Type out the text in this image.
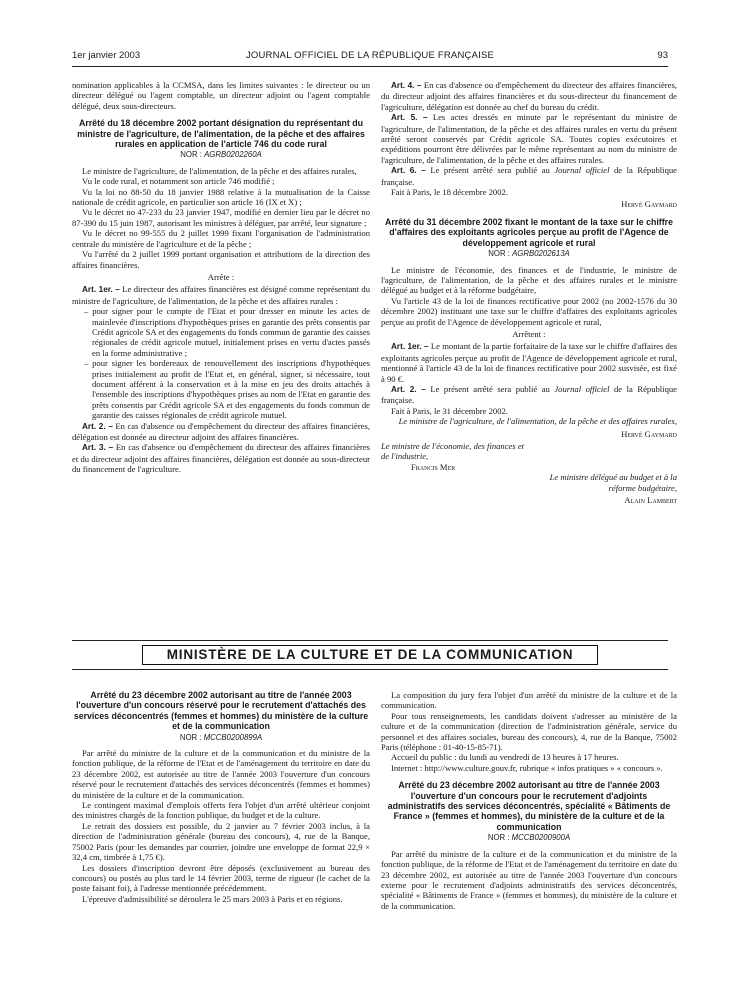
1er janvier 2003	JOURNAL OFFICIEL DE LA RÉPUBLIQUE FRANÇAISE	93

nomination applicables à la CCMSA, dans les limites suivantes : le directeur ou un directeur délégué ou l'agent comptable, un directeur adjoint ou l'agent comptable délégué, deux sous-directeurs.

Arrêté du 18 décembre 2002 portant désignation du représentant du ministre de l'agriculture, de l'alimentation, de la pêche et des affaires rurales en application de l'article 746 du code rural
NOR : AGRB0202260A

Le ministre de l'agriculture, de l'alimentation, de la pêche et des affaires rurales,

Vu le code rural, et notamment son article 746 modifié ;

Vu la loi no 88-50 du 18 janvier 1988 relative à la mutualisation de la Caisse nationale de crédit agricole, en particulier son article 16 (IX et X) ;

Vu le décret no 47-233 du 23 janvier 1947, modifié en dernier lieu par le décret no 87-390 du 15 juin 1987, autorisant les ministres à déléguer, par arrêté, leur signature ;

Vu le décret no 99-555 du 2 juillet 1999 fixant l'organisation de l'administration centrale du ministère de l'agriculture et de la pêche ;

Vu l'arrêté du 2 juillet 1999 portant organisation et attributions de la direction des affaires financières.

Arrête :

Art. 1er. – Le directeur des affaires financières est désigné comme représentant du ministre de l'agriculture, de l'alimentation, de la pêche et des affaires rurales :

– pour signer pour le compte de l'Etat et pour dresser en minute les actes de mainlevée d'inscriptions d'hypothèques prises en garantie des prêts consentis par Crédit agricole SA et des engagements du fonds commun de garantie des caisses régionales de crédit agricole mutuel, initialement prises en vertu d'actes passés en la forme administrative ;

– pour signer les bordereaux de renouvellement des inscriptions d'hypothèques prises initialement au profit de l'Etat et, en général, signer, si nécessaire, tout document afférent à la conservation et à la mise en jeu des droits attachés à l'ensemble des inscriptions d'hypothèques prises au nom de l'Etat en garantie des prêts consentis par Crédit agricole SA et des engagements du fonds commun de garantie des caisses régionales de crédit agricole mutuel.

Art. 2. – En cas d'absence ou d'empêchement du directeur des affaires financières, délégation est donnée au directeur adjoint des affaires financières.

Art. 3. – En cas d'absence ou d'empêchement du directeur des affaires financières et du directeur adjoint des affaires financières, délégation est donnée au sous-directeur du financement de l'agriculture.

Art. 4. – En cas d'absence ou d'empêchement du directeur des affaires financières, du directeur adjoint des affaires financières et du sous-directeur du financement de l'agriculture, délégation est donnée au chef du bureau du crédit.

Art. 5. – Les actes dressés en minute par le représentant du ministre de l'agriculture, de l'alimentation, de la pêche et des affaires rurales en vertu du présent arrêté seront conservés par Crédit agricole SA. Toutes copies exécutoires et expéditions pourront être délivrées par le même représentant au nom du ministre de l'agriculture, de l'alimentation, de la pêche et des affaires rurales.

Art. 6. – Le présent arrêté sera publié au Journal officiel de la République française.

Fait à Paris, le 18 décembre 2002.

Hervé Gaymard
Arrêté du 31 décembre 2002 fixant le montant de la taxe sur le chiffre d'affaires des exploitants agricoles perçue au profit de l'Agence de développement agricole et rural
NOR : AGRB0202613A

Le ministre de l'économie, des finances et de l'industrie, le ministre de l'agriculture, de l'alimentation, de la pêche et des affaires rurales et le ministre délégué au budget et à la réforme budgétaire,

Vu l'article 43 de la loi de finances rectificative pour 2002 (no 2002-1576 du 30 décembre 2002) instituant une taxe sur le chiffre d'affaires des exploitants agricoles perçue au profit de l'Agence de développement agricole et rural,

Arrêtent :

Art. 1er. – Le montant de la partie forfaitaire de la taxe sur le chiffre d'affaires des exploitants agricoles perçue au profit de l'Agence de développement agricole et rural, mentionné à l'article 43 de la loi de finances rectificative pour 2002 susvisée, est fixé à 90 €.

Art. 2. – Le présent arrêté sera publié au Journal officiel de la République française.

Fait à Paris, le 31 décembre 2002.

Le ministre de l'agriculture, de l'alimentation, de la pêche et des affaires rurales,
Hervé Gaymard
Le ministre de l'économie, des finances et de l'industrie,
Francis Mer
Le ministre délégué au budget et à la réforme budgétaire,
Alain Lambert
MINISTÈRE DE LA CULTURE ET DE LA COMMUNICATION
Arrêté du 23 décembre 2002 autorisant au titre de l'année 2003 l'ouverture d'un concours réservé pour le recrutement d'attachés des services déconcentrés (femmes et hommes) du ministère de la culture et de la communication
NOR : MCCB0200899A

Par arrêté du ministre de la culture et de la communication et du ministre de la fonction publique, de la réforme de l'Etat et de l'aménagement du territoire en date du 23 décembre 2002, est autorisée au titre de l'année 2003 l'ouverture d'un concours réservé pour le recrutement d'attachés des services déconcentrés (femmes et hommes) du ministère de la culture et de la communication.

Le contingent maximal d'emplois offerts fera l'objet d'un arrêté ultérieur conjoint des ministres chargés de la fonction publique, du budget et de la culture.

Le retrait des dossiers est possible, du 2 janvier au 7 février 2003 inclus, à la direction de l'administration générale (bureau des concours), 4, rue de la Banque, 75002 Paris (pour les demandes par courrier, joindre une enveloppe de format 22,9 × 32,4 cm, timbrée à 1,75 €).

Les dossiers d'inscription devront être déposés (exclusivement au bureau des concours) ou postés au plus tard le 14 février 2003, terme de rigueur (le cachet de la poste faisant foi), à l'adresse mentionnée précédemment.

L'épreuve d'admissibilité se déroulera le 25 mars 2003 à Paris et en régions.

La composition du jury fera l'objet d'un arrêté du ministre de la culture et de la communication.

Pour tous renseignements, les candidats doivent s'adresser au ministère de la culture et de la communication (direction de l'administration générale, service du personnel et des affaires sociales, bureau des concours), 4, rue de la Banque, 75002 Paris (téléphone : 01-40-15-85-71).

Accueil du public : du lundi au vendredi de 13 heures à 17 heures.

Internet : http://www.culture.gouv.fr, rubrique « infos pratiques » « concours ».

Arrêté du 23 décembre 2002 autorisant au titre de l'année 2003 l'ouverture d'un concours pour le recrutement d'adjoints administratifs des services déconcentrés, spécialité « Bâtiments de France » (femmes et hommes), du ministère de la culture et de la communication
NOR : MCCB0200900A

Par arrêté du ministre de la culture et de la communication et du ministre de la fonction publique, de la réforme de l'Etat et de l'aménagement du territoire en date du 23 décembre 2002, est autorisée au titre de l'année 2003 l'ouverture d'un concours externe pour le recrutement d'adjoints administratifs des services déconcentrés, spécialité « Bâtiments de France » (femmes et hommes), du ministère de la culture et de la communication.
